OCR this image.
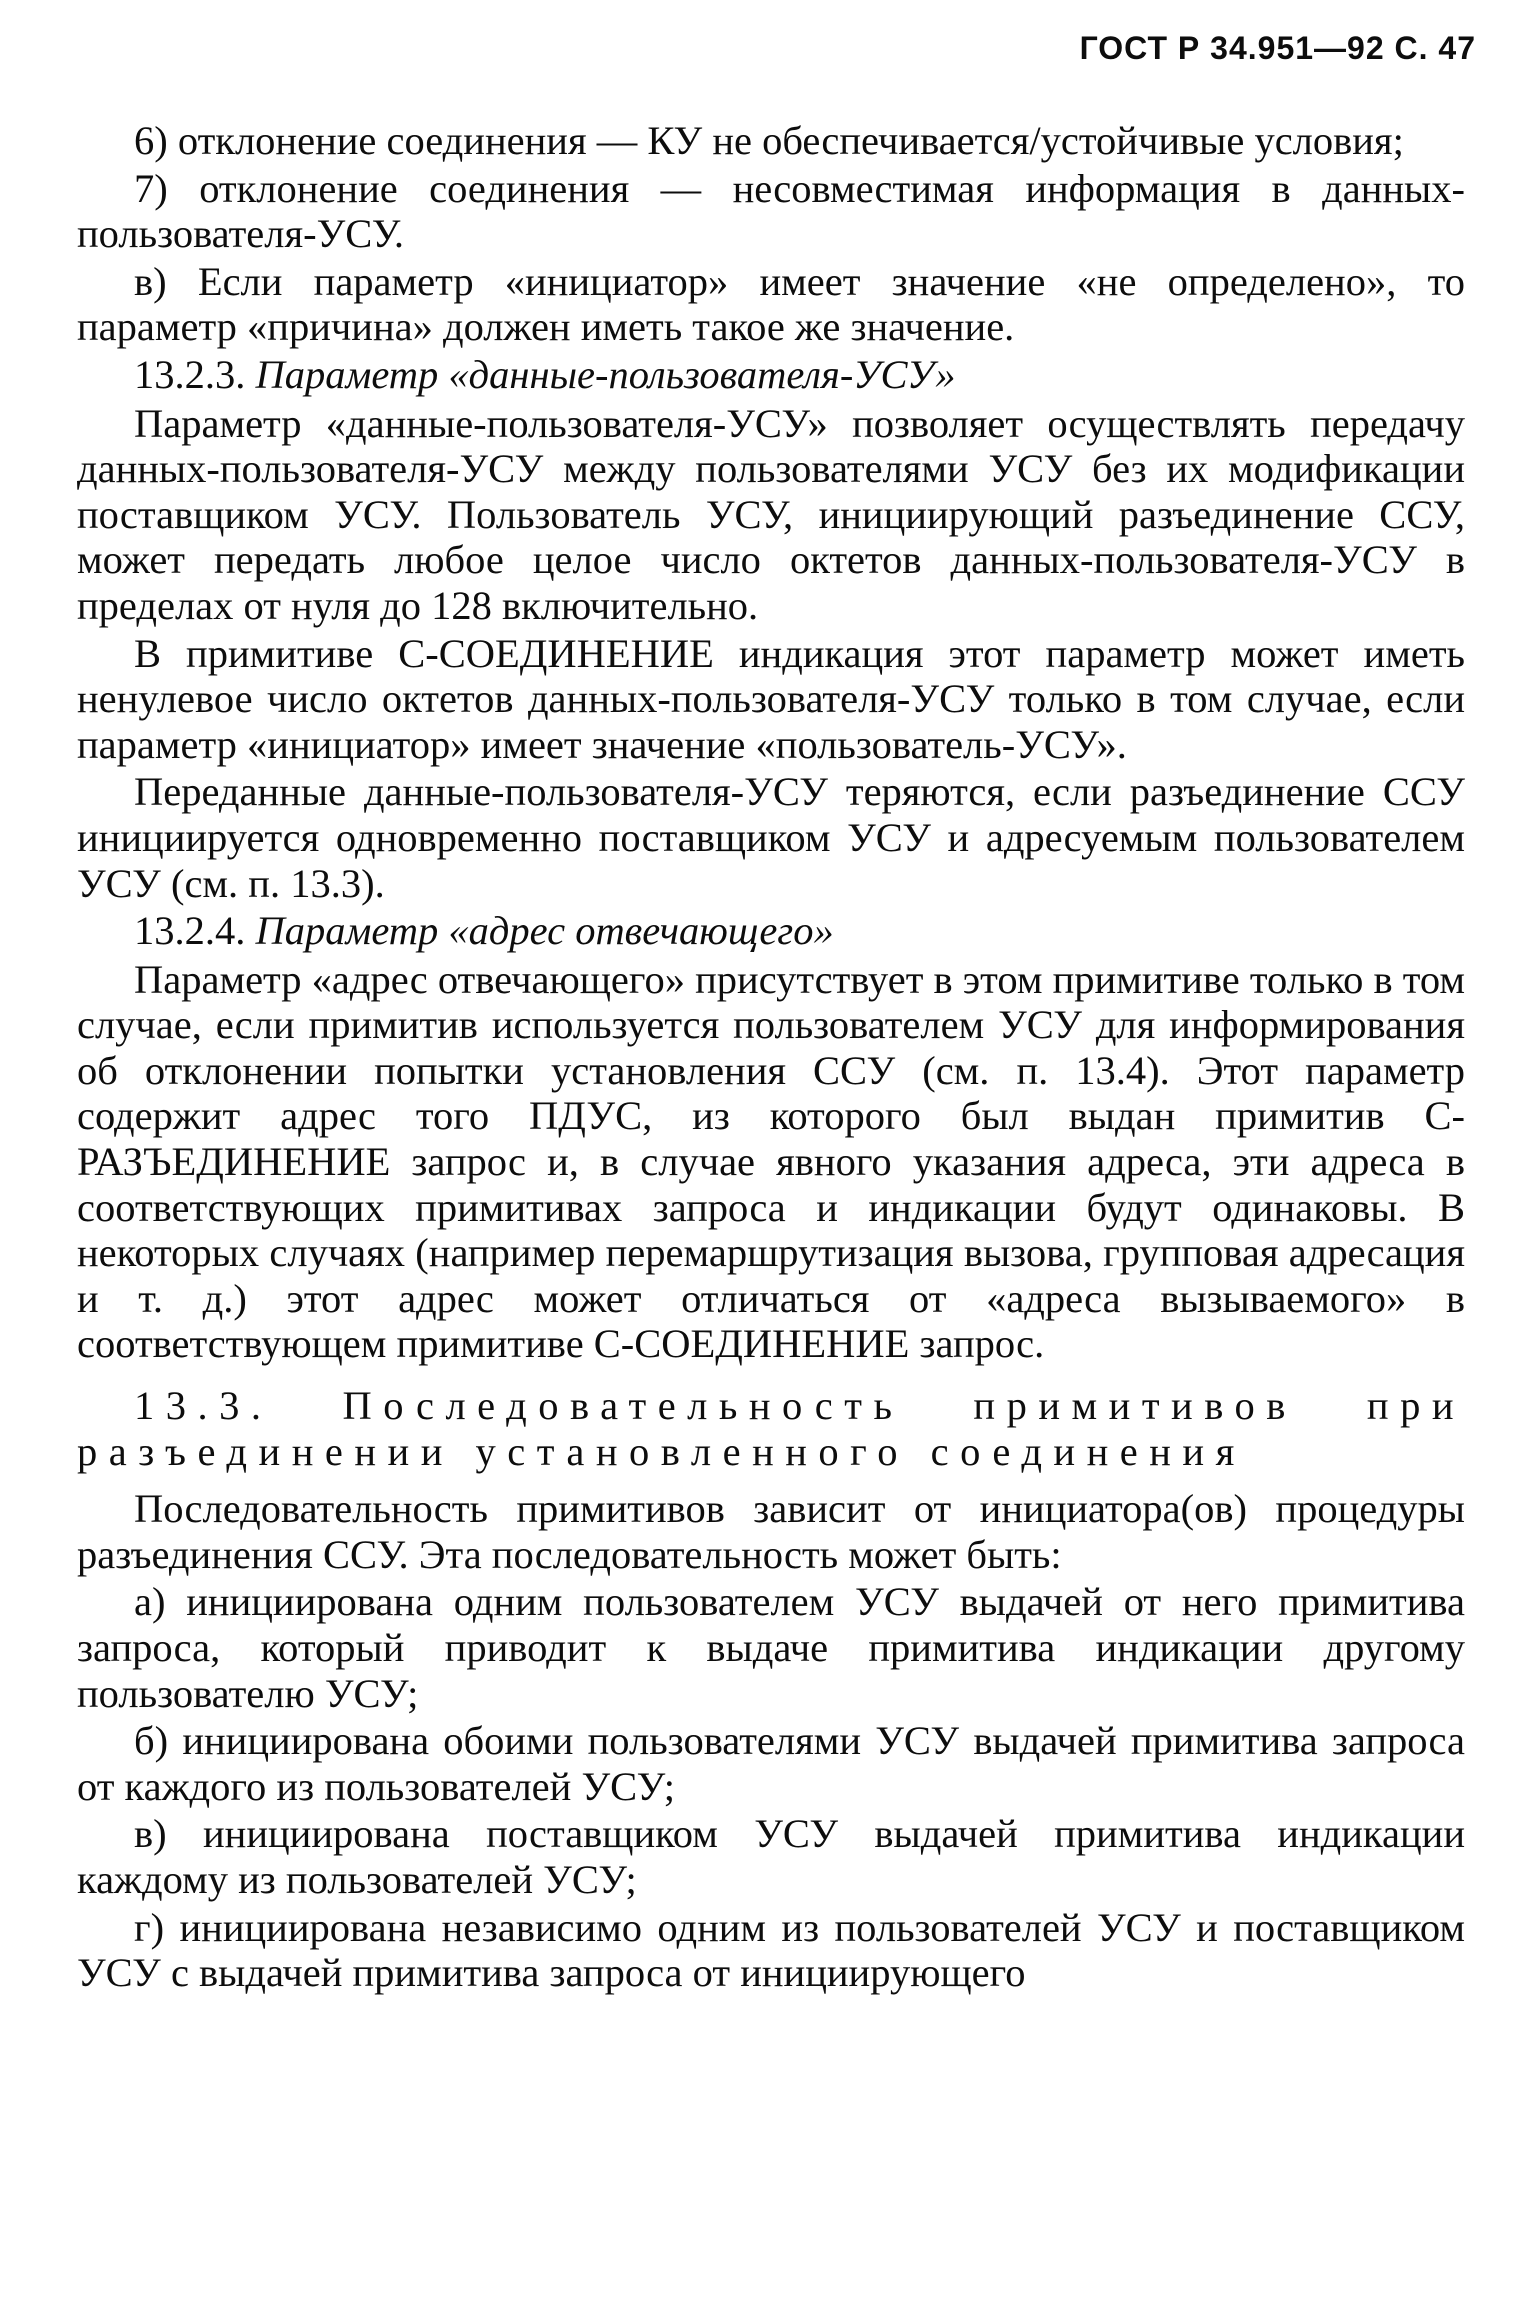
ГОСТ Р 34.951—92 С. 47

6) отклонение соединения — КУ не обеспечивается/устойчивые условия;

7) отклонение соединения — несовместимая информация в данных-пользователя-УСУ.

в) Если параметр «инициатор» имеет значение «не определено», то параметр «причина» должен иметь такое же значение.

13.2.3. Параметр «данные-пользователя-УСУ»

Параметр «данные-пользователя-УСУ» позволяет осуществлять передачу данных-пользователя-УСУ между пользователями УСУ без их модификации поставщиком УСУ. Пользователь УСУ, инициирующий разъединение ССУ, может передать любое целое число октетов данных-пользователя-УСУ в пределах от нуля до 128 включительно.

В примитиве С-СОЕДИНЕНИЕ индикация этот параметр может иметь ненулевое число октетов данных-пользователя-УСУ только в том случае, если параметр «инициатор» имеет значение «пользователь-УСУ».

Переданные данные-пользователя-УСУ теряются, если разъединение ССУ инициируется одновременно поставщиком УСУ и адресуемым пользователем УСУ (см. п. 13.3).

13.2.4. Параметр «адрес отвечающего»

Параметр «адрес отвечающего» присутствует в этом примитиве только в том случае, если примитив используется пользователем УСУ для информирования об отклонении попытки установления ССУ (см. п. 13.4). Этот параметр содержит адрес того ПДУС, из которого был выдан примитив С-РАЗЪЕДИНЕНИЕ запрос и, в случае явного указания адреса, эти адреса в соответствующих примитивах запроса и индикации будут одинаковы. В некоторых случаях (например перемаршрутизация вызова, групповая адресация и т. д.) этот адрес может отличаться от «адреса вызываемого» в соответствующем примитиве С-СОЕДИНЕНИЕ запрос.

13.3. Последовательность примитивов при разъединении установленного соединения

Последовательность примитивов зависит от инициатора(ов) процедуры разъединения ССУ. Эта последовательность может быть:

а) инициирована одним пользователем УСУ выдачей от него примитива запроса, который приводит к выдаче примитива индикации другому пользователю УСУ;

б) инициирована обоими пользователями УСУ выдачей примитива запроса от каждого из пользователей УСУ;

в) инициирована поставщиком УСУ выдачей примитива индикации каждому из пользователей УСУ;

г) инициирована независимо одним из пользователей УСУ и поставщиком УСУ с выдачей примитива запроса от инициирующего
